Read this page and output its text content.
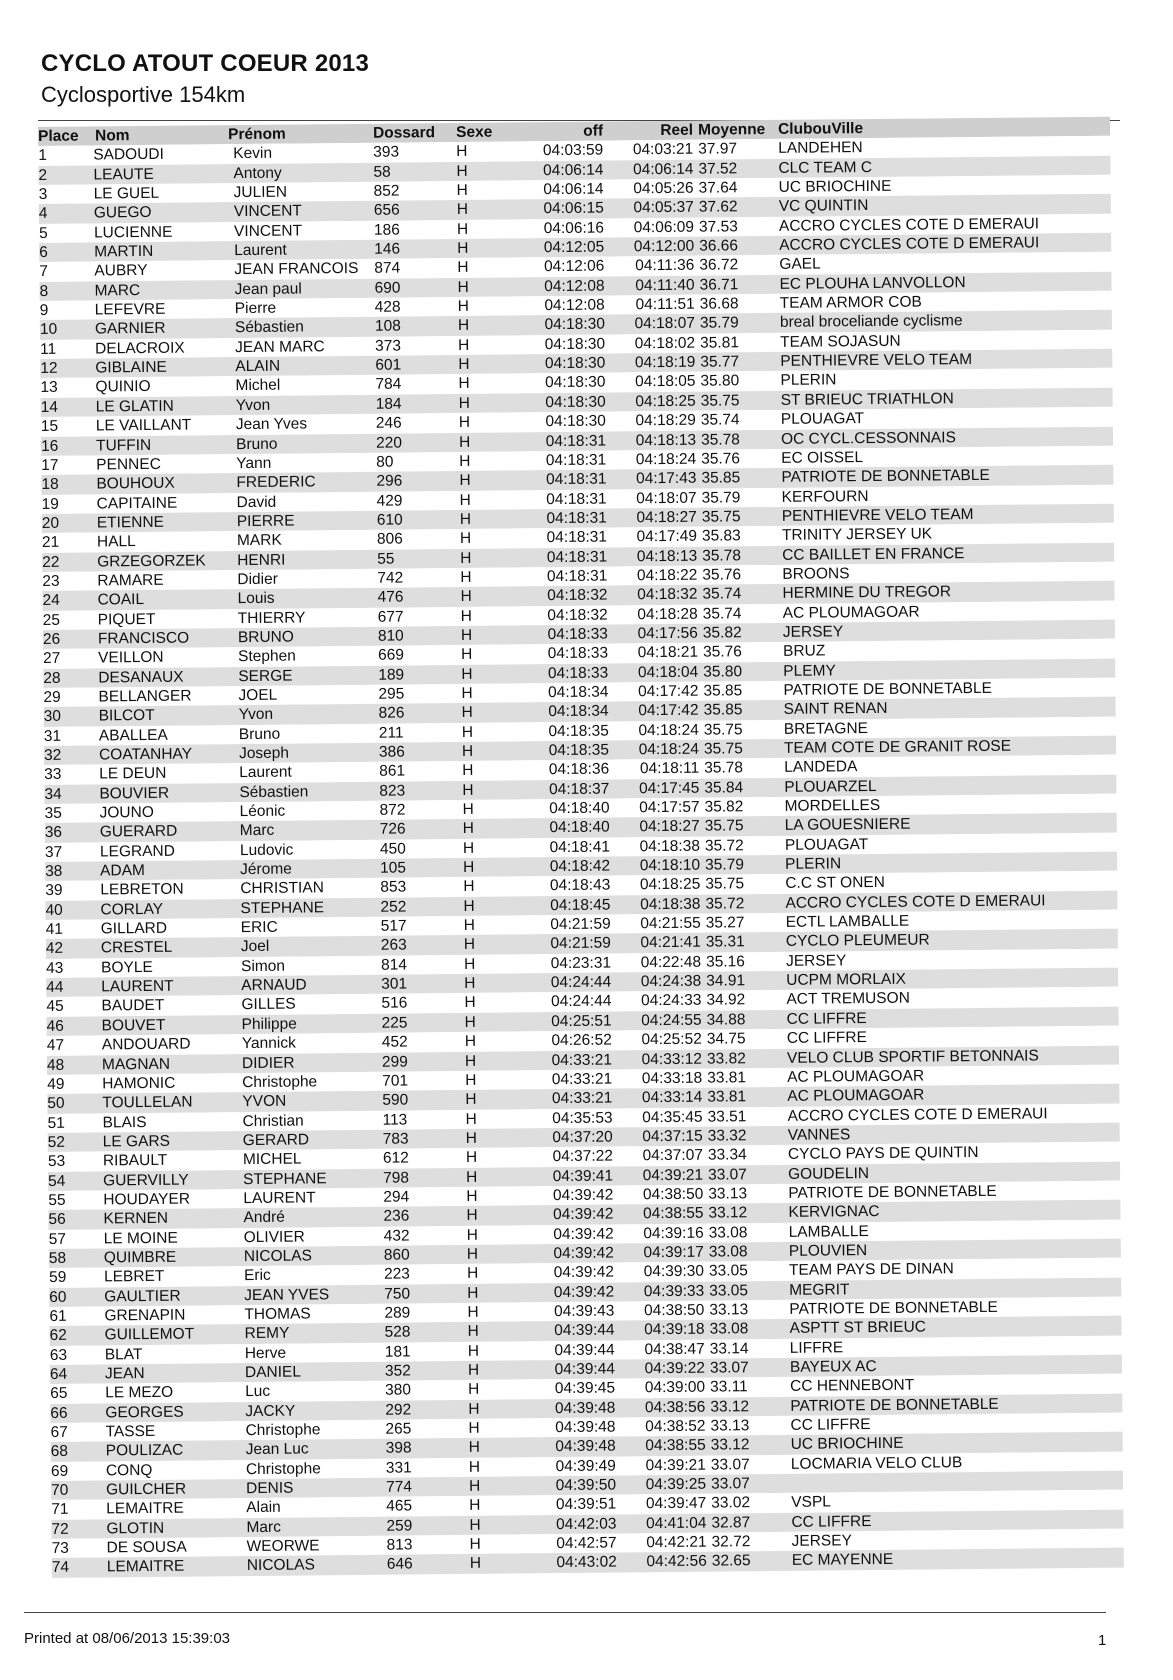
CYCLO ATOUT COEUR 2013
Cyclosportive 154km
Place	Nom	Prénom	Dossard	Sexe	off	Reel Moyenne ClubouVille
1	SADOUDI	Kevin	393	H	04:03:59	04:03:21 37.97	LANDEHEN
2	LEAUTE	Antony	58	H	04:06:14	04:06:14 37.52	CLC TEAM C
3	LE GUEL	JULIEN	852	H	04:06:14	04:05:26 37.64	UC BRIOCHINE
4	GUEGO	VINCENT	656	H	04:06:15	04:05:37 37.62	VC QUINTIN
5	LUCIENNE	VINCENT	186	H	04:06:16	04:06:09 37.53	ACCRO CYCLES COTE D EMERAUI
6	MARTIN	Laurent	146	H	04:12:05	04:12:00 36.66	ACCRO CYCLES COTE D EMERAUI
7	AUBRY	JEAN FRANCOIS	874	H	04:12:06	04:11:36 36.72	GAEL
8	MARC	Jean paul	690	H	04:12:08	04:11:40 36.71	EC PLOUHA LANVOLLON
9	LEFEVRE	Pierre	428	H	04:12:08	04:11:51 36.68	TEAM ARMOR COB
10	GARNIER	Sébastien	108	H	04:18:30	04:18:07 35.79	breal broceliande cyclisme
11	DELACROIX	JEAN MARC	373	H	04:18:30	04:18:02 35.81	TEAM SOJASUN
12	GIBLAINE	ALAIN	601	H	04:18:30	04:18:19 35.77	PENTHIEVRE VELO TEAM
13	QUINIO	Michel	784	H	04:18:30	04:18:05 35.80	PLERIN
14	LE GLATIN	Yvon	184	H	04:18:30	04:18:25 35.75	ST BRIEUC TRIATHLON
15	LE VAILLANT	Jean Yves	246	H	04:18:30	04:18:29 35.74	PLOUAGAT
16	TUFFIN	Bruno	220	H	04:18:31	04:18:13 35.78	OC CYCL.CESSONNAIS
17	PENNEC	Yann	80	H	04:18:31	04:18:24 35.76	EC OISSEL
18	BOUHOUX	FREDERIC	296	H	04:18:31	04:17:43 35.85	PATRIOTE DE BONNETABLE
19	CAPITAINE	David	429	H	04:18:31	04:18:07 35.79	KERFOURN
20	ETIENNE	PIERRE	610	H	04:18:31	04:18:27 35.75	PENTHIEVRE VELO TEAM
21	HALL	MARK	806	H	04:18:31	04:17:49 35.83	TRINITY JERSEY UK
22	GRZEGORZEK	HENRI	55	H	04:18:31	04:18:13 35.78	CC BAILLET EN FRANCE
23	RAMARE	Didier	742	H	04:18:31	04:18:22 35.76	BROONS
24	COAIL	Louis	476	H	04:18:32	04:18:32 35.74	HERMINE DU TREGOR
25	PIQUET	THIERRY	677	H	04:18:32	04:18:28 35.74	AC PLOUMAGOAR
26	FRANCISCO	BRUNO	810	H	04:18:33	04:17:56 35.82	JERSEY
27	VEILLON	Stephen	669	H	04:18:33	04:18:21 35.76	BRUZ
28	DESANAUX	SERGE	189	H	04:18:33	04:18:04 35.80	PLEMY
29	BELLANGER	JOEL	295	H	04:18:34	04:17:42 35.85	PATRIOTE DE BONNETABLE
30	BILCOT	Yvon	826	H	04:18:34	04:17:42 35.85	SAINT RENAN
31	ABALLEA	Bruno	211	H	04:18:35	04:18:24 35.75	BRETAGNE
32	COATANHAY	Joseph	386	H	04:18:35	04:18:24 35.75	TEAM COTE DE GRANIT ROSE
33	LE DEUN	Laurent	861	H	04:18:36	04:18:11 35.78	LANDEDA
34	BOUVIER	Sébastien	823	H	04:18:37	04:17:45 35.84	PLOUARZEL
35	JOUNO	Léonic	872	H	04:18:40	04:17:57 35.82	MORDELLES
36	GUERARD	Marc	726	H	04:18:40	04:18:27 35.75	LA GOUESNIERE
37	LEGRAND	Ludovic	450	H	04:18:41	04:18:38 35.72	PLOUAGAT
38	ADAM	Jérome	105	H	04:18:42	04:18:10 35.79	PLERIN
39	LEBRETON	CHRISTIAN	853	H	04:18:43	04:18:25 35.75	C.C ST ONEN
40	CORLAY	STEPHANE	252	H	04:18:45	04:18:38 35.72	ACCRO CYCLES COTE D EMERAUI
41	GILLARD	ERIC	517	H	04:21:59	04:21:55 35.27	ECTL LAMBALLE
42	CRESTEL	Joel	263	H	04:21:59	04:21:41 35.31	CYCLO PLEUMEUR
43	BOYLE	Simon	814	H	04:23:31	04:22:48 35.16	JERSEY
44	LAURENT	ARNAUD	301	H	04:24:44	04:24:38 34.91	UCPM MORLAIX
45	BAUDET	GILLES	516	H	04:24:44	04:24:33 34.92	ACT TREMUSON
46	BOUVET	Philippe	225	H	04:25:51	04:24:55 34.88	CC LIFFRE
47	ANDOUARD	Yannick	452	H	04:26:52	04:25:52 34.75	CC LIFFRE
48	MAGNAN	DIDIER	299	H	04:33:21	04:33:12 33.82	VELO CLUB SPORTIF BETONNAIS
49	HAMONIC	Christophe	701	H	04:33:21	04:33:18 33.81	AC PLOUMAGOAR
50	TOULLELAN	YVON	590	H	04:33:21	04:33:14 33.81	AC PLOUMAGOAR
51	BLAIS	Christian	113	H	04:35:53	04:35:45 33.51	ACCRO CYCLES COTE D EMERAUI
52	LE GARS	GERARD	783	H	04:37:20	04:37:15 33.32	VANNES
53	RIBAULT	MICHEL	612	H	04:37:22	04:37:07 33.34	CYCLO PAYS DE QUINTIN
54	GUERVILLY	STEPHANE	798	H	04:39:41	04:39:21 33.07	GOUDELIN
55	HOUDAYER	LAURENT	294	H	04:39:42	04:38:50 33.13	PATRIOTE DE BONNETABLE
56	KERNEN	André	236	H	04:39:42	04:38:55 33.12	KERVIGNAC
57	LE MOINE	OLIVIER	432	H	04:39:42	04:39:16 33.08	LAMBALLE
58	QUIMBRE	NICOLAS	860	H	04:39:42	04:39:17 33.08	PLOUVIEN
59	LEBRET	Eric	223	H	04:39:42	04:39:30 33.05	TEAM PAYS DE DINAN
60	GAULTIER	JEAN YVES	750	H	04:39:42	04:39:33 33.05	MEGRIT
61	GRENAPIN	THOMAS	289	H	04:39:43	04:38:50 33.13	PATRIOTE DE BONNETABLE
62	GUILLEMOT	REMY	528	H	04:39:44	04:39:18 33.08	ASPTT ST BRIEUC
63	BLAT	Herve	181	H	04:39:44	04:38:47 33.14	LIFFRE
64	JEAN	DANIEL	352	H	04:39:44	04:39:22 33.07	BAYEUX AC
65	LE MEZO	Luc	380	H	04:39:45	04:39:00 33.11	CC HENNEBONT
66	GEORGES	JACKY	292	H	04:39:48	04:38:56 33.12	PATRIOTE DE BONNETABLE
67	TASSE	Christophe	265	H	04:39:48	04:38:52 33.13	CC LIFFRE
68	POULIZAC	Jean Luc	398	H	04:39:48	04:38:55 33.12	UC BRIOCHINE
69	CONQ	Christophe	331	H	04:39:49	04:39:21 33.07	LOCMARIA VELO CLUB
70	GUILCHER	DENIS	774	H	04:39:50	04:39:25 33.07
71	LEMAITRE	Alain	465	H	04:39:51	04:39:47 33.02	VSPL
72	GLOTIN	Marc	259	H	04:42:03	04:41:04 32.87	CC LIFFRE
73	DE SOUSA	WEORWE	813	H	04:42:57	04:42:21 32.72	JERSEY
74	LEMAITRE	NICOLAS	646	H	04:43:02	04:42:56 32.65	EC MAYENNE
Printed at 08/06/2013 15:39:03	1
